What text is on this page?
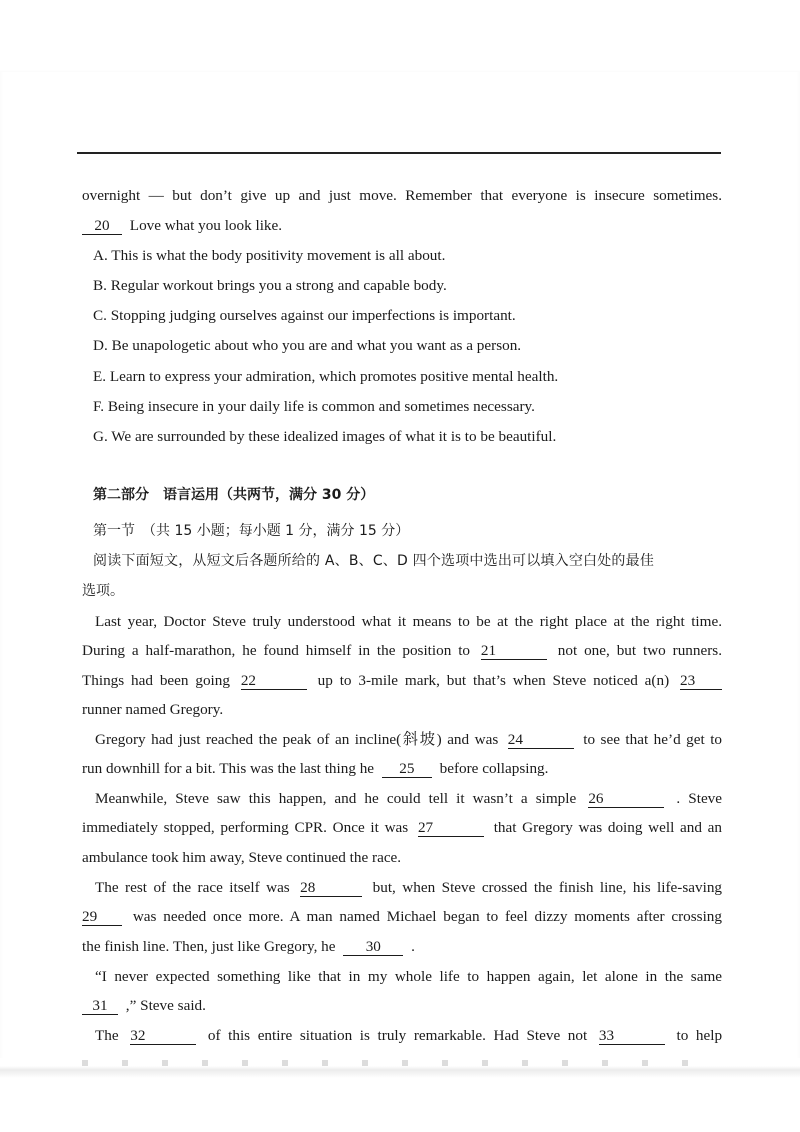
overnight — but don’t give up and just move. Remember that everyone is insecure sometimes.
20 Love what you look like.
A. This is what the body positivity movement is all about.
B. Regular workout brings you a strong and capable body.
C. Stopping judging ourselves against our imperfections is important.
D. Be unapologetic about who you are and what you want as a person.
E. Learn to express your admiration, which promotes positive mental health.
F. Being insecure in your daily life is common and sometimes necessary.
G. We are surrounded by these idealized images of what it is to be beautiful.
第二部分　语言运用（共两节，满分 30 分）
第一节　（共 15 小题；每小题 1 分，满分 15 分）
阅读下面短文，从短文后各题所给的 A、B、C、D 四个选项中选出可以填入空白处的最佳
选项。
Last year, Doctor Steve truly understood what it means to be at the right place at the right time.
During a half-marathon, he found himself in the position to 21	not one, but two runners.
Things had been going 22	up to 3-mile mark, but that’s when Steve noticed a(n) 23
runner named Gregory.
Gregory had just reached the peak of an incline(斜坡) and was 24	to see that he’d get to
run downhill for a bit. This was the last thing he 25 before collapsing.
Meanwhile, Steve saw this happen, and he could tell it wasn’t a simple 26	. Steve
immediately stopped, performing CPR. Once it was 27	that Gregory was doing well and an
ambulance took him away, Steve continued the race.
The rest of the race itself was 28	but, when Steve crossed the finish line, his life-saving
29 was needed once more. A man named Michael began to feel dizzy moments after crossing
the finish line. Then, just like Gregory, he 30 .
“I never expected something like that in my whole life to happen again, let alone in the same
31 ,” Steve said.
The 32	of this entire situation is truly remarkable. Had Steve not 33	to help
